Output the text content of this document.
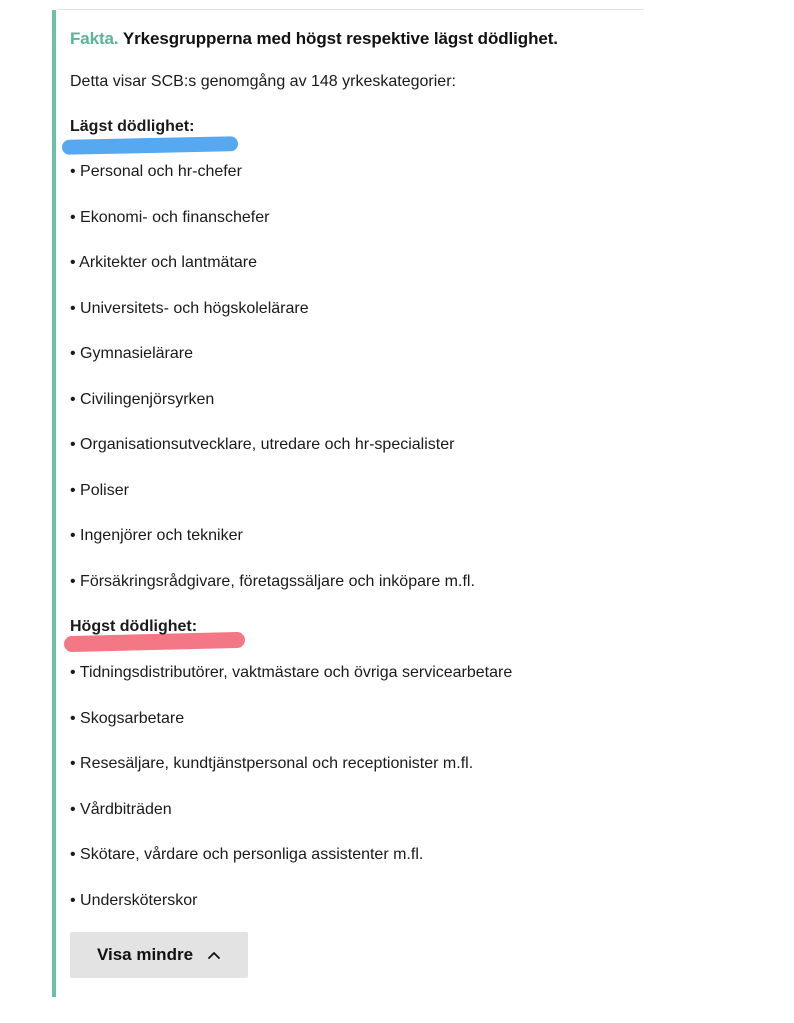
Fakta. Yrkesgrupperna med högst respektive lägst dödlighet.
Detta visar SCB:s genomgång av 148 yrkeskategorier:
Lägst dödlighet:
• Personal och hr-chefer
• Ekonomi- och finanschefer
• Arkitekter och lantmätare
• Universitets- och högskolelärare
• Gymnasielärare
• Civilingenjörsyrken
• Organisationsutvecklare, utredare och hr-specialister
• Poliser
• Ingenjörer och tekniker
• Försäkringsrådgivare, företagssäljare och inköpare m.fl.
Högst dödlighet:
• Tidningsdistributörer, vaktmästare och övriga servicearbetare
• Skogsarbetare
• Resesäljare, kundtjänstpersonal och receptionister m.fl.
• Vårdbiträden
• Skötare, vårdare och personliga assistenter m.fl.
• Undersköterskor
Visa mindre
